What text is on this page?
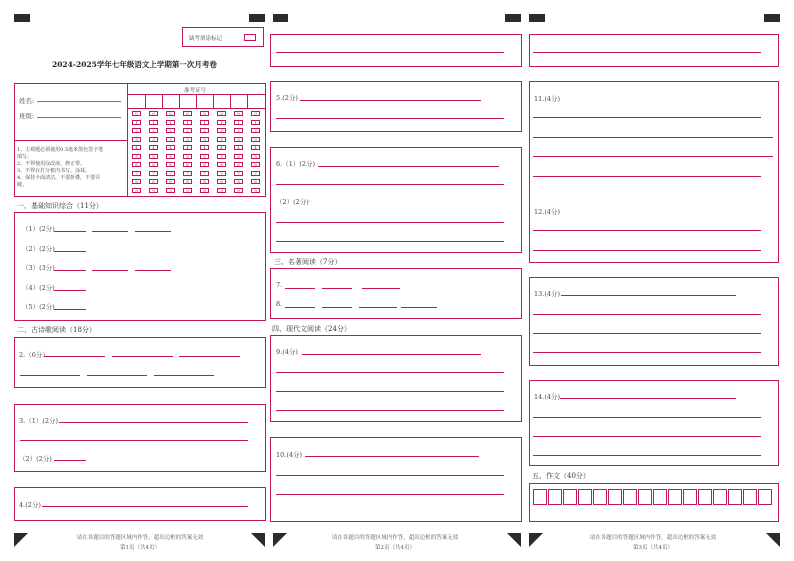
缺考填涂标记
2024-2025学年七年级语文上学期第一次月考卷
姓名:
班级:
1、主观题必须使用0.5毫米黑色签字笔
填写。
2、不得使用涂改液、修正带。
3、不得在打分框内书写、涂抹。
4、保持卡面清洁，不要折叠，不要弄
破。
准考证号
0	0	0	0	0	0	0	0
1	1	1	1	1	1	1	1
2	2	2	2	2	2	2	2
3	3	3	3	3	3	3	3
4	4	4	4	4	4	4	4
5	5	5	5	5	5	5	5
6	6	6	6	6	6	6	6
7	7	7	7	7	7	7	7
8	8	8	8	8	8	8	8
9	9	9	9	9	9	9	9
一、基础知识综合（11分）
（1）(2分)
（2）(2分)
（3）(3分)
（4）(2分)
（5）(2分)
二、古诗歌阅读（18分）
2.（6分）
3.（1）(2分)
（2）(2分)
4.(2分)
请在各题目的答题区域内作答，超出边框的答案无效
第1页（共4页）
5.(2分)
6.（1）(2分)
（2）(2分)
三、名著阅读（7分）
7.
8.
四、现代文阅读（24分）
9.(4分)
10.(4分)
请在各题目的答题区域内作答，超出边框的答案无效
第2页（共4页）
11.(4分)
12.(4分)
13.(4分)
14.(4分)
五、作文（40分）
请在各题目的答题区域内作答，超出边框的答案无效
第3页（共4页）
